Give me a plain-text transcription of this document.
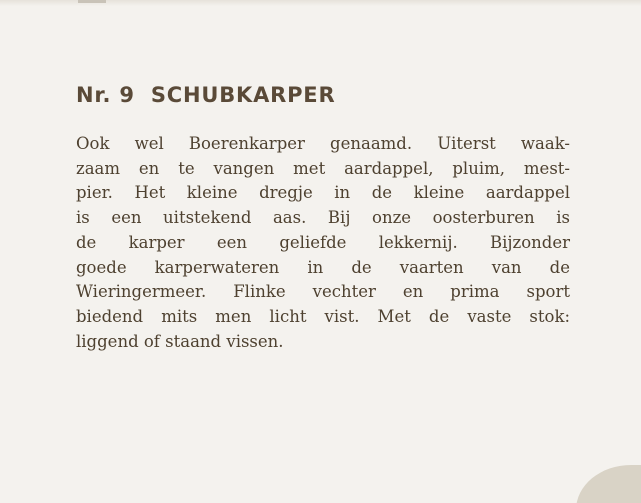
Nr. 9 SCHUBKARPER
Ook wel Boerenkarper genaamd. Uiterst waak-
zaam en te vangen met aardappel, pluim, mest-
pier. Het kleine dregje in de kleine aardappel
is een uitstekend aas. Bij onze oosterburen is
de karper een geliefde lekkernij. Bijzonder
goede karperwateren in de vaarten van de
Wieringermeer. Flinke vechter en prima sport
biedend mits men licht vist. Met de vaste stok:
liggend of staand vissen.
